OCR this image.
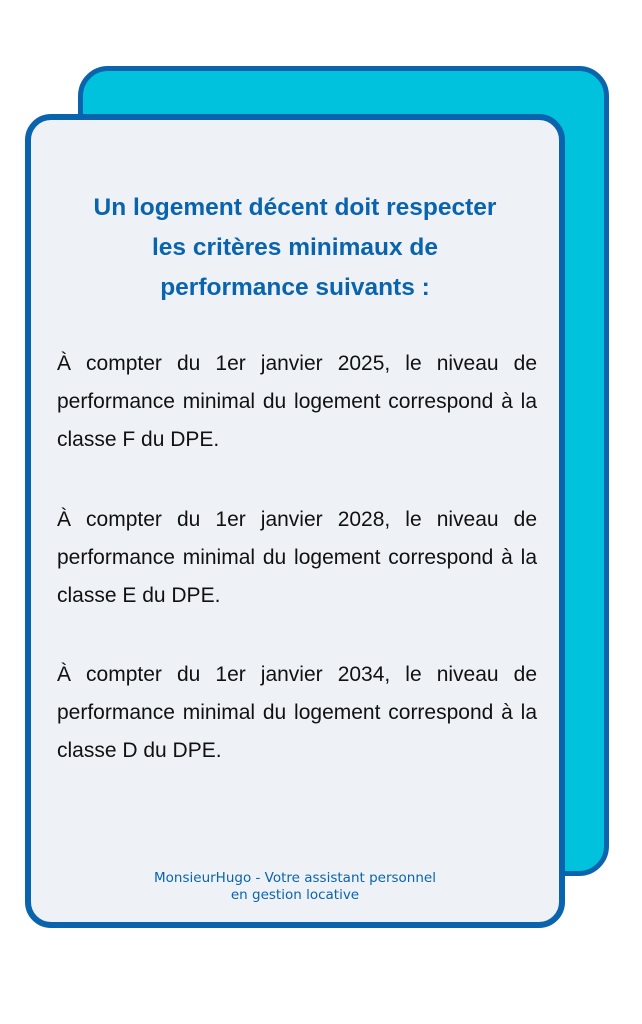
Un logement décent doit respecter
les critères minimaux de
performance suivants :

À compter du 1er janvier 2025, le niveau de performance minimal du logement correspond à la classe F du DPE.

À compter du 1er janvier 2028, le niveau de performance minimal du logement correspond à la classe E du DPE.

À compter du 1er janvier 2034, le niveau de performance minimal du logement correspond à la classe D du DPE.

MonsieurHugo - Votre assistant personnel
en gestion locative
